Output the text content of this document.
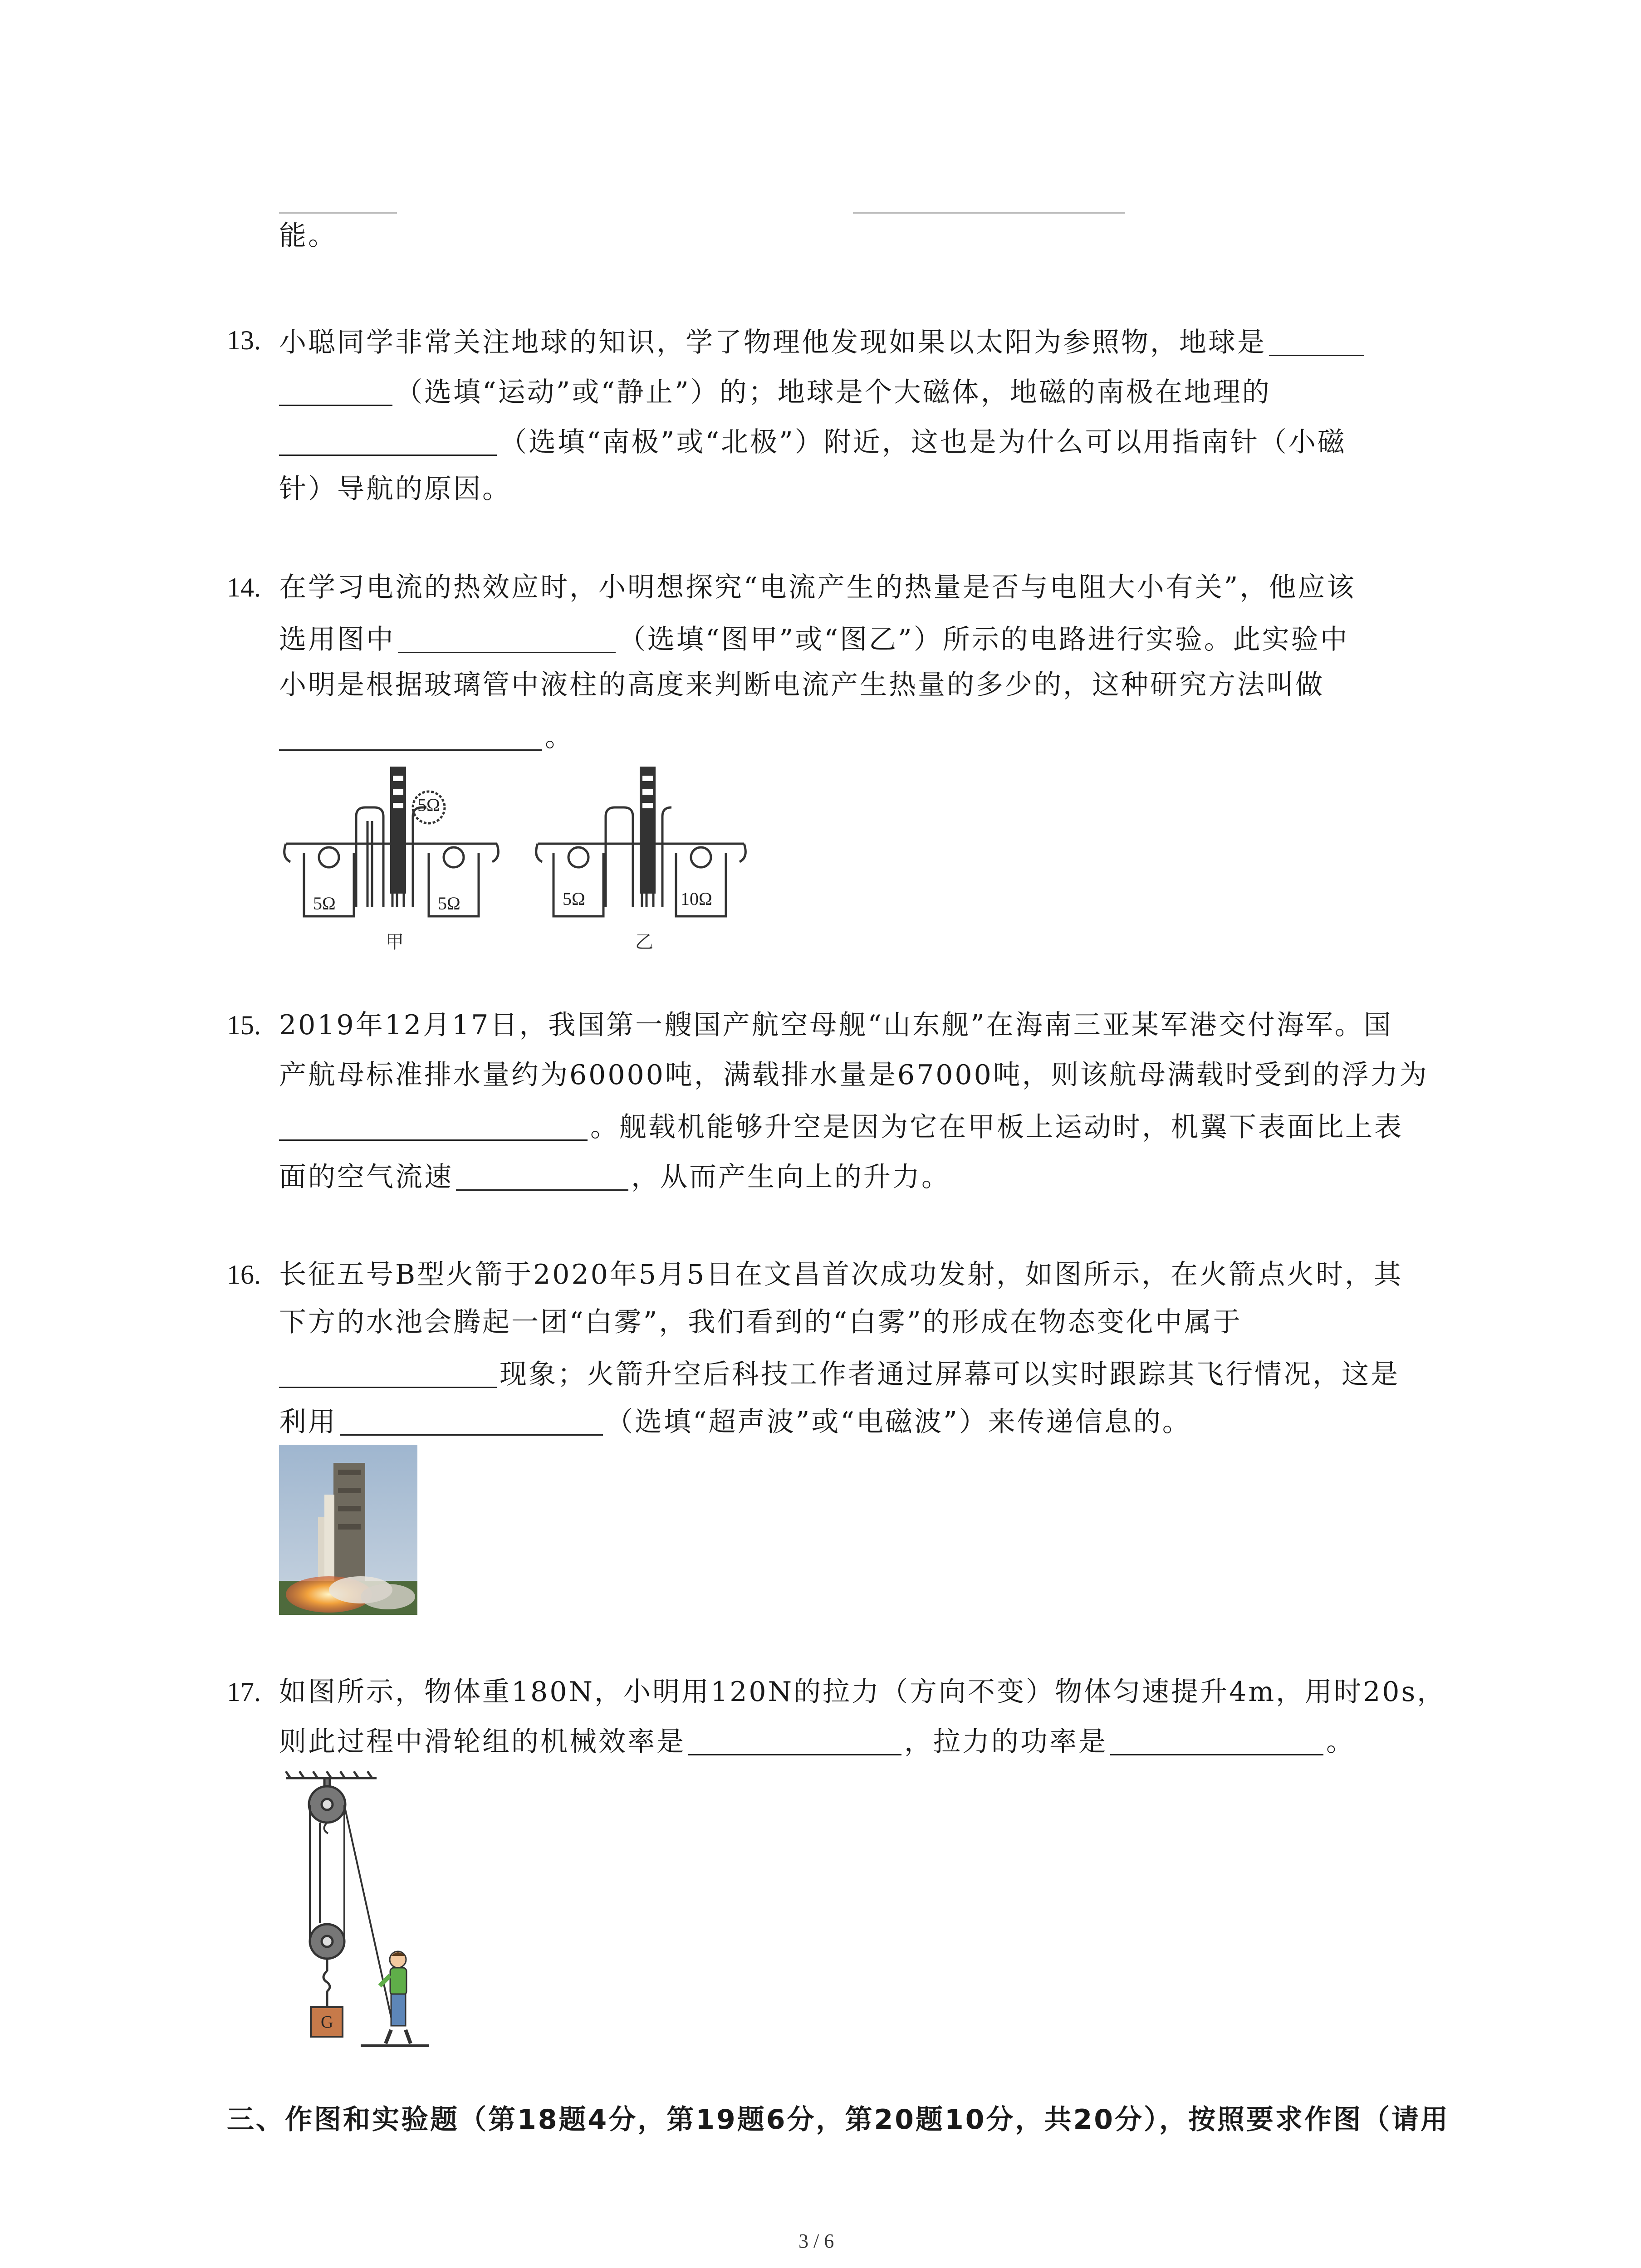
能。
13. 小聪同学非常关注地球的知识，学了物理他发现如果以太阳为参照物，地球是
（选填“运动”或“静止”）的；地球是个大磁体，地磁的南极在地理的
（选填“南极”或“北极”）附近，这也是为什么可以用指南针（小磁
针）导航的原因。
14. 在学习电流的热效应时，小明想探究“电流产生的热量是否与电阻大小有关”，他应该
选用图中	（选填“图甲”或“图乙”）所示的电路进行实验。此实验中
小明是根据玻璃管中液柱的高度来判断电流产生热量的多少的，这种研究方法叫做
。
5Ω	5Ω
5Ω
5Ω	10Ω
甲	乙
15. 2019年12月17日，我国第一艘国产航空母舰“山东舰”在海南三亚某军港交付海军。国
产航母标准排水量约为60000吨，满载排水量是67000吨，则该航母满载时受到的浮力为
。舰载机能够升空是因为它在甲板上运动时，机翼下表面比上表
面的空气流速	，从而产生向上的升力。
16. 长征五号B型火箭于2020年5月5日在文昌首次成功发射，如图所示，在火箭点火时，其
下方的水池会腾起一团“白雾”，我们看到的“白雾”的形成在物态变化中属于
现象；火箭升空后科技工作者通过屏幕可以实时跟踪其飞行情况，这是
利用	（选填“超声波”或“电磁波”）来传递信息的。
17. 如图所示，物体重180N，小明用120N的拉力（方向不变）物体匀速提升4m，用时20s，
则此过程中滑轮组的机械效率是	，拉力的功率是	。
G
三、作图和实验题（第18题4分，第19题6分，第20题10分，共20分），按照要求作图（请用
3 / 6
